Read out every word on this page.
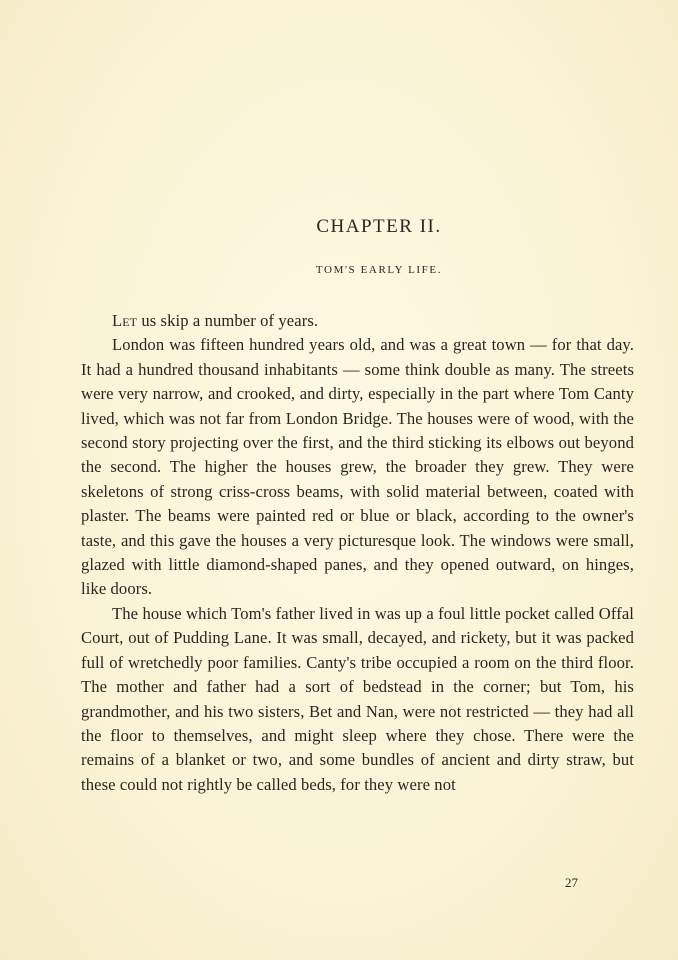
CHAPTER II.
TOM'S EARLY LIFE.

Let us skip a number of years.

London was fifteen hundred years old, and was a great town — for that day. It had a hundred thousand inhabitants — some think double as many. The streets were very narrow, and crooked, and dirty, especially in the part where Tom Canty lived, which was not far from London Bridge. The houses were of wood, with the second story projecting over the first, and the third sticking its elbows out beyond the second. The higher the houses grew, the broader they grew. They were skeletons of strong criss-cross beams, with solid material between, coated with plaster. The beams were painted red or blue or black, according to the owner's taste, and this gave the houses a very picturesque look. The windows were small, glazed with little diamond-shaped panes, and they opened outward, on hinges, like doors.

The house which Tom's father lived in was up a foul little pocket called Offal Court, out of Pudding Lane. It was small, decayed, and rickety, but it was packed full of wretchedly poor families. Canty's tribe occupied a room on the third floor. The mother and father had a sort of bedstead in the corner; but Tom, his grandmother, and his two sisters, Bet and Nan, were not restricted — they had all the floor to themselves, and might sleep where they chose. There were the remains of a blanket or two, and some bundles of ancient and dirty straw, but these could not rightly be called beds, for they were not

27
